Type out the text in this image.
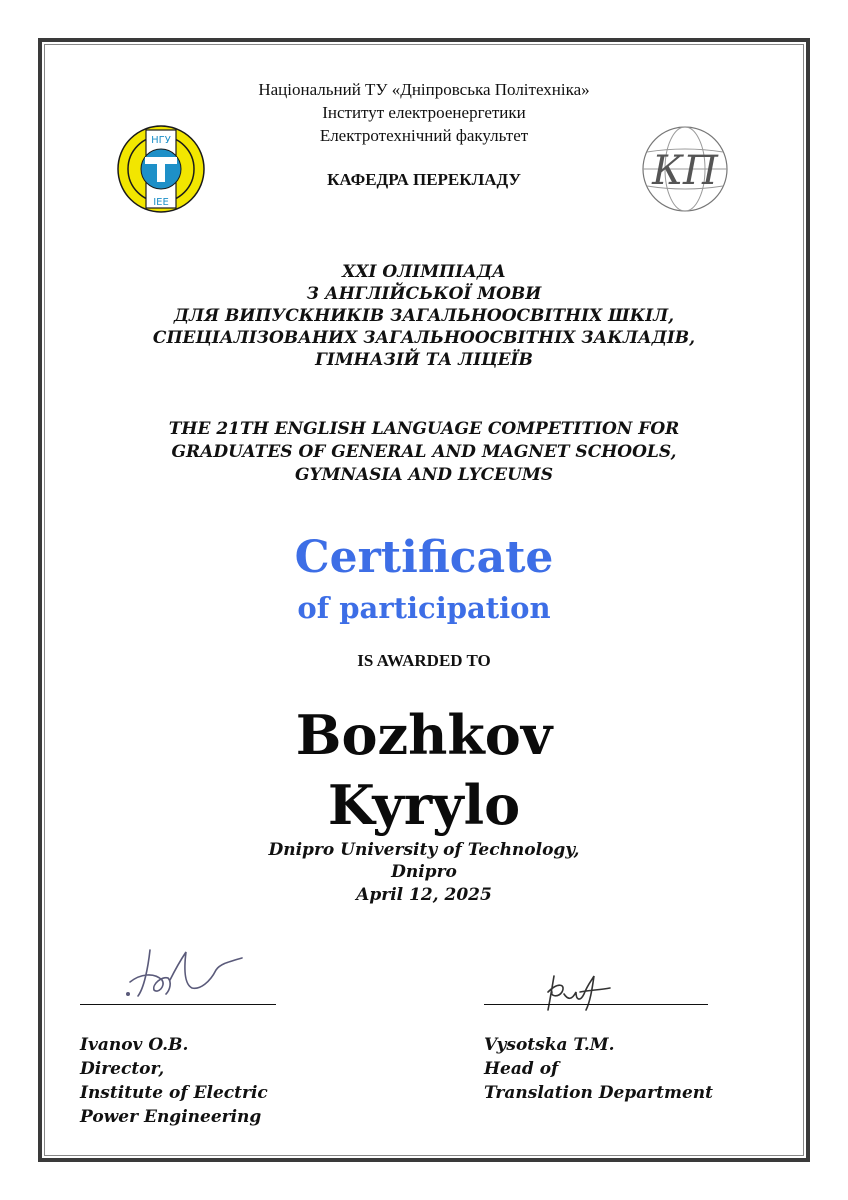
Національний ТУ «Дніпровська Політехніка»
Інститут електроенергетики
Електротехнічний факультет
КАФЕДРА ПЕРЕКЛАДУ
НГУ
ІЕЕ
КП
XXI ОЛІМПІАДА
З АНГЛІЙСЬКОЇ МОВИ
ДЛЯ ВИПУСКНИКІВ ЗАГАЛЬНООСВІТНІХ ШКІЛ,
СПЕЦІАЛІЗОВАНИХ ЗАГАЛЬНООСВІТНІХ ЗАКЛАДІВ,
ГІМНАЗІЙ ТА ЛІЦЕЇВ
THE 21TH ENGLISH LANGUAGE COMPETITION FOR
GRADUATES OF GENERAL AND MAGNET SCHOOLS,
GYMNASIA AND LYCEUMS
Certificate
of participation
IS AWARDED TO
Bozhkov
Kyrylo
Dnipro University of Technology,
Dnipro
April 12, 2025
Ivanov O.B.
Director,
Institute of Electric
Power Engineering
Vysotska T.M.
Head of
Translation Department
